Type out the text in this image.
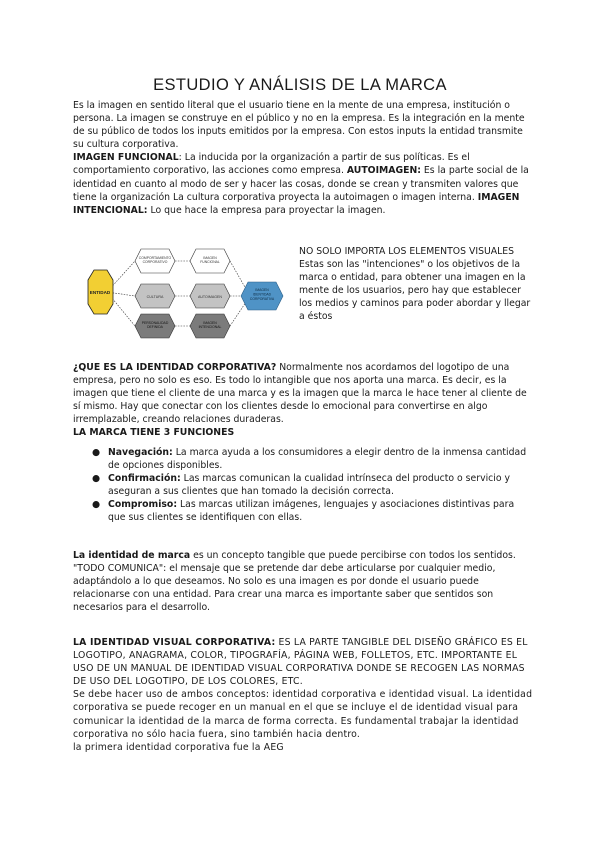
ESTUDIO Y ANÁLISIS DE LA MARCA

Es la imagen en sentido literal que el usuario tiene en la mente de una empresa, institución o persona. La imagen se construye en el público y no en la empresa. Es la integración en la mente de su público de todos los inputs emitidos por la empresa. Con estos inputs la entidad transmite su cultura corporativa.
IMAGEN FUNCIONAL: La inducida por la organización a partir de sus políticas. Es el comportamiento corporativo, las acciones como empresa. AUTOIMAGEN: Es la parte social de la identidad en cuanto al modo de ser y hacer las cosas, donde se crean y transmiten valores que tiene la organización La cultura corporativa proyecta la autoimagen o imagen interna. IMAGEN INTENCIONAL: Lo que hace la empresa para proyectar la imagen.

ENTIDAD
COMPORTAMIENTO CORPORATIVO
CULTURA
PERSONALIDAD DEFINIDA
IMAGEN FUNCIONAL
AUTOIMAGEN
IMAGEN INTENCIONAL
IMAGEN IDENTIDAD CORPORATIVA

NO SOLO IMPORTA LOS ELEMENTOS VISUALES Estas son las "intenciones" o los objetivos de la marca o entidad, para obtener una imagen en la mente de los usuarios, pero hay que establecer los medios y caminos para poder abordar y llegar a éstos

¿QUE ES LA IDENTIDAD CORPORATIVA? Normalmente nos acordamos del logotipo de una empresa, pero no solo es eso. Es todo lo intangible que nos aporta una marca. Es decir, es la imagen que tiene el cliente de una marca y es la imagen que la marca le hace tener al cliente de sí mismo. Hay que conectar con los clientes desde lo emocional para convertirse en algo irremplazable, creando relaciones duraderas.
LA MARCA TIENE 3 FUNCIONES

● Navegación: La marca ayuda a los consumidores a elegir dentro de la inmensa cantidad de opciones disponibles.
● Confirmación: Las marcas comunican la cualidad intrínseca del producto o servicio y aseguran a sus clientes que han tomado la decisión correcta.
● Compromiso: Las marcas utilizan imágenes, lenguajes y asociaciones distintivas para que sus clientes se identifiquen con ellas.

La identidad de marca es un concepto tangible que puede percibirse con todos los sentidos. "TODO COMUNICA": el mensaje que se pretende dar debe articularse por cualquier medio, adaptándolo a lo que deseamos. No solo es una imagen es por donde el usuario puede relacionarse con una entidad. Para crear una marca es importante saber que sentidos son necesarios para el desarrollo.

LA IDENTIDAD VISUAL CORPORATIVA: ES LA PARTE TANGIBLE DEL DISEÑO GRÁFICO ES EL LOGOTIPO, ANAGRAMA, COLOR, TIPOGRAFÍA, PÁGINA WEB, FOLLETOS, ETC. IMPORTANTE EL USO DE UN MANUAL DE IDENTIDAD VISUAL CORPORATIVA DONDE SE RECOGEN LAS NORMAS DE USO DEL LOGOTIPO, DE LOS COLORES, ETC.
Se debe hacer uso de ambos conceptos: identidad corporativa e identidad visual. La identidad corporativa se puede recoger en un manual en el que se incluye el de identidad visual para comunicar la identidad de la marca de forma correcta. Es fundamental trabajar la identidad corporativa no sólo hacia fuera, sino también hacia dentro.
la primera identidad corporativa fue la AEG
